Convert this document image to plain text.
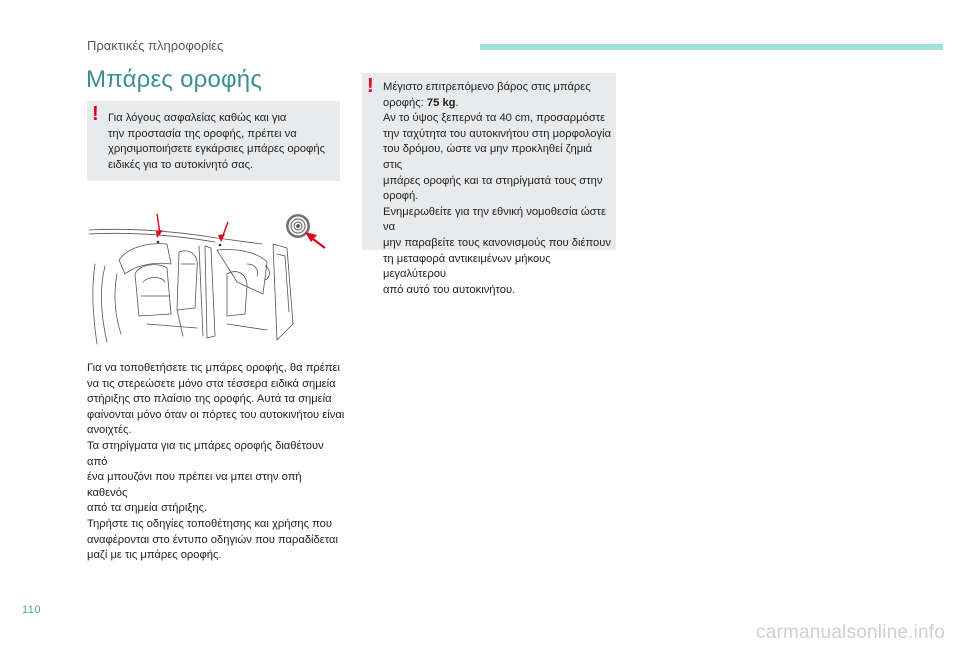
Πρακτικές πληροφορίες
Μπάρες οροφής
! Για λόγους ασφαλείας καθώς και για
την προστασία της οροφής, πρέπει να
χρησιμοποιήσετε εγκάρσιες μπάρες οροφής
ειδικές για το αυτοκίνητό σας.
! Μέγιστο επιτρεπόμενο βάρος στις μπάρες
οροφής: 75 kg.
Αν το ύψος ξεπερνά τα 40 cm, προσαρμόστε
την ταχύτητα του αυτοκινήτου στη μορφολογία
του δρόμου, ώστε να μην προκληθεί ζημιά στις
μπάρες οροφής και τα στηρίγματά τους στην
οροφή.
Ενημερωθείτε για την εθνική νομοθεσία ώστε να
μην παραβείτε τους κανονισμούς που διέπουν
τη μεταφορά αντικειμένων μήκους μεγαλύτερου
από αυτό του αυτοκινήτου.
Για να τοποθετήσετε τις μπάρες οροφής, θα πρέπει
να τις στερεώσετε μόνο στα τέσσερα ειδικά σημεία
στήριξης στο πλαίσιο της οροφής. Αυτά τα σημεία
φαίνονται μόνο όταν οι πόρτες του αυτοκινήτου είναι
ανοιχτές.
Τα στηρίγματα για τις μπάρες οροφής διαθέτουν από
ένα μπουζόνι που πρέπει να μπει στην οπή καθενός
από τα σημεία στήριξης.
Τηρήστε τις οδηγίες τοποθέτησης και χρήσης που
αναφέρονται στο έντυπο οδηγιών που παραδίδεται
μαζί με τις μπάρες οροφής.
110
carmanualsonline.info
